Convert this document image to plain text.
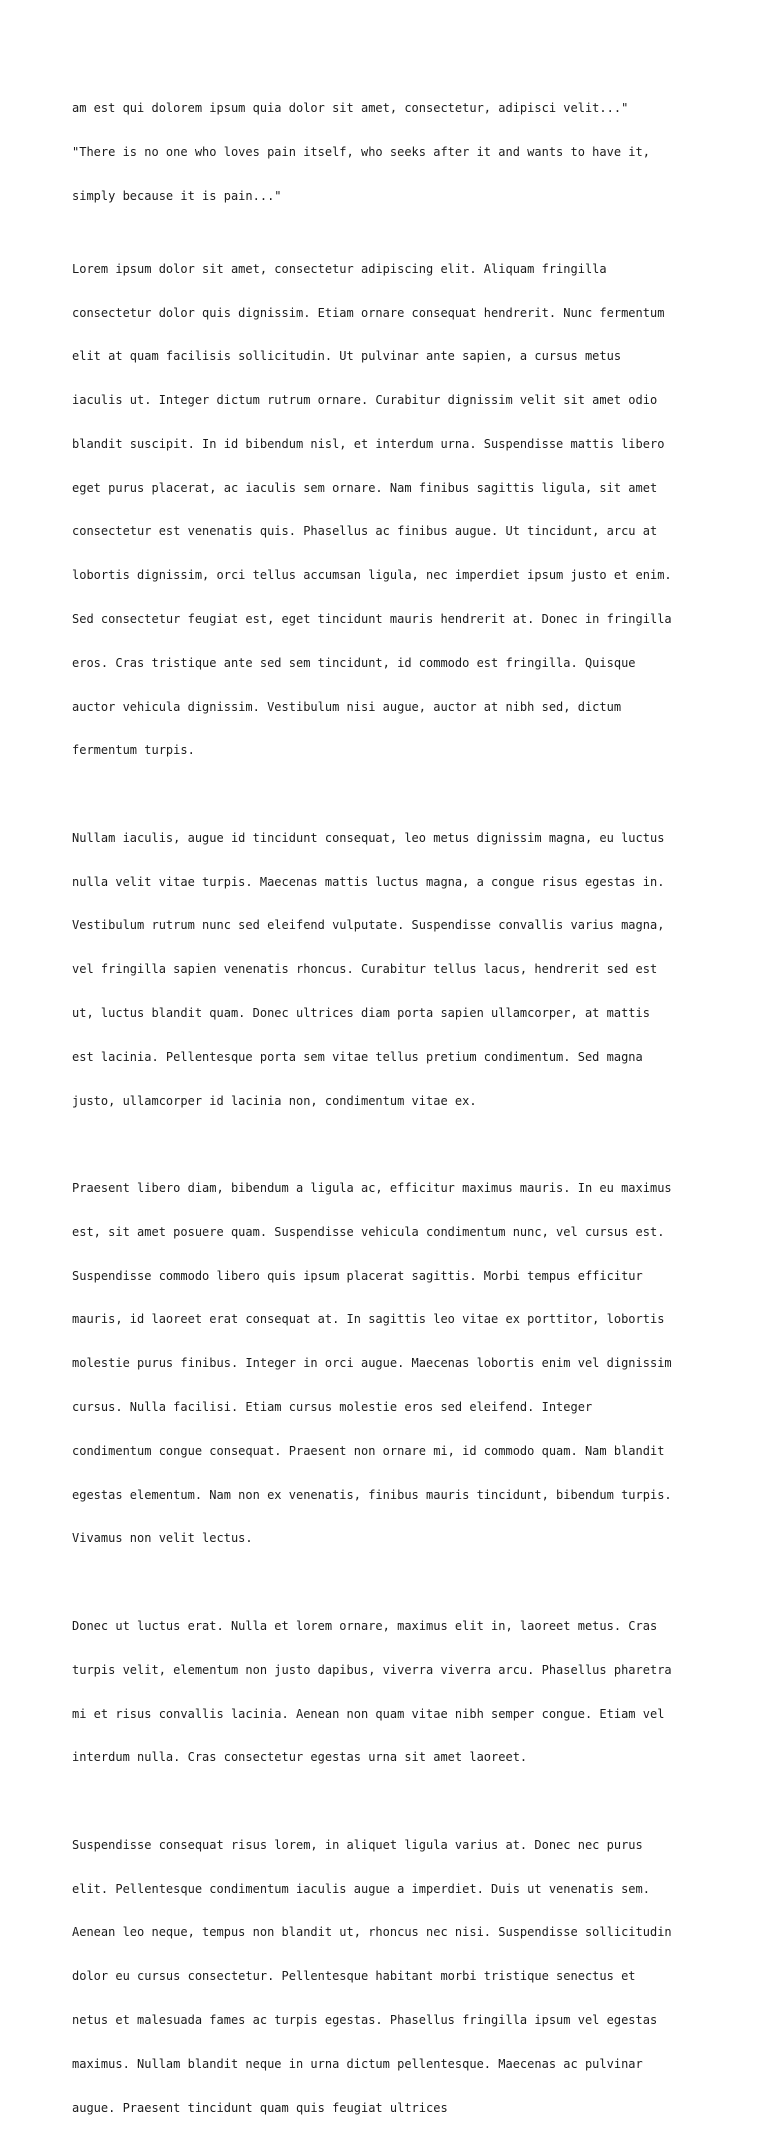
am est qui dolorem ipsum quia dolor sit amet, consectetur, adipisci velit..."

"There is no one who loves pain itself, who seeks after it and wants to have it,

simply because it is pain..."

Lorem ipsum dolor sit amet, consectetur adipiscing elit. Aliquam fringilla

consectetur dolor quis dignissim. Etiam ornare consequat hendrerit. Nunc fermentum

elit at quam facilisis sollicitudin. Ut pulvinar ante sapien, a cursus metus

iaculis ut. Integer dictum rutrum ornare. Curabitur dignissim velit sit amet odio

blandit suscipit. In id bibendum nisl, et interdum urna. Suspendisse mattis libero

eget purus placerat, ac iaculis sem ornare. Nam finibus sagittis ligula, sit amet

consectetur est venenatis quis. Phasellus ac finibus augue. Ut tincidunt, arcu at

lobortis dignissim, orci tellus accumsan ligula, nec imperdiet ipsum justo et enim.

Sed consectetur feugiat est, eget tincidunt mauris hendrerit at. Donec in fringilla

eros. Cras tristique ante sed sem tincidunt, id commodo est fringilla. Quisque

auctor vehicula dignissim. Vestibulum nisi augue, auctor at nibh sed, dictum

fermentum turpis.

Nullam iaculis, augue id tincidunt consequat, leo metus dignissim magna, eu luctus

nulla velit vitae turpis. Maecenas mattis luctus magna, a congue risus egestas in.

Vestibulum rutrum nunc sed eleifend vulputate. Suspendisse convallis varius magna,

vel fringilla sapien venenatis rhoncus. Curabitur tellus lacus, hendrerit sed est

ut, luctus blandit quam. Donec ultrices diam porta sapien ullamcorper, at mattis

est lacinia. Pellentesque porta sem vitae tellus pretium condimentum. Sed magna

justo, ullamcorper id lacinia non, condimentum vitae ex.

Praesent libero diam, bibendum a ligula ac, efficitur maximus mauris. In eu maximus

est, sit amet posuere quam. Suspendisse vehicula condimentum nunc, vel cursus est.

Suspendisse commodo libero quis ipsum placerat sagittis. Morbi tempus efficitur

mauris, id laoreet erat consequat at. In sagittis leo vitae ex porttitor, lobortis

molestie purus finibus. Integer in orci augue. Maecenas lobortis enim vel dignissim

cursus. Nulla facilisi. Etiam cursus molestie eros sed eleifend. Integer

condimentum congue consequat. Praesent non ornare mi, id commodo quam. Nam blandit

egestas elementum. Nam non ex venenatis, finibus mauris tincidunt, bibendum turpis.

Vivamus non velit lectus.

Donec ut luctus erat. Nulla et lorem ornare, maximus elit in, laoreet metus. Cras

turpis velit, elementum non justo dapibus, viverra viverra arcu. Phasellus pharetra

mi et risus convallis lacinia. Aenean non quam vitae nibh semper congue. Etiam vel

interdum nulla. Cras consectetur egestas urna sit amet laoreet.

Suspendisse consequat risus lorem, in aliquet ligula varius at. Donec nec purus

elit. Pellentesque condimentum iaculis augue a imperdiet. Duis ut venenatis sem.

Aenean leo neque, tempus non blandit ut, rhoncus nec nisi. Suspendisse sollicitudin

dolor eu cursus consectetur. Pellentesque habitant morbi tristique senectus et

netus et malesuada fames ac turpis egestas. Phasellus fringilla ipsum vel egestas

maximus. Nullam blandit neque in urna dictum pellentesque. Maecenas ac pulvinar

augue. Praesent tincidunt quam quis feugiat ultrices
